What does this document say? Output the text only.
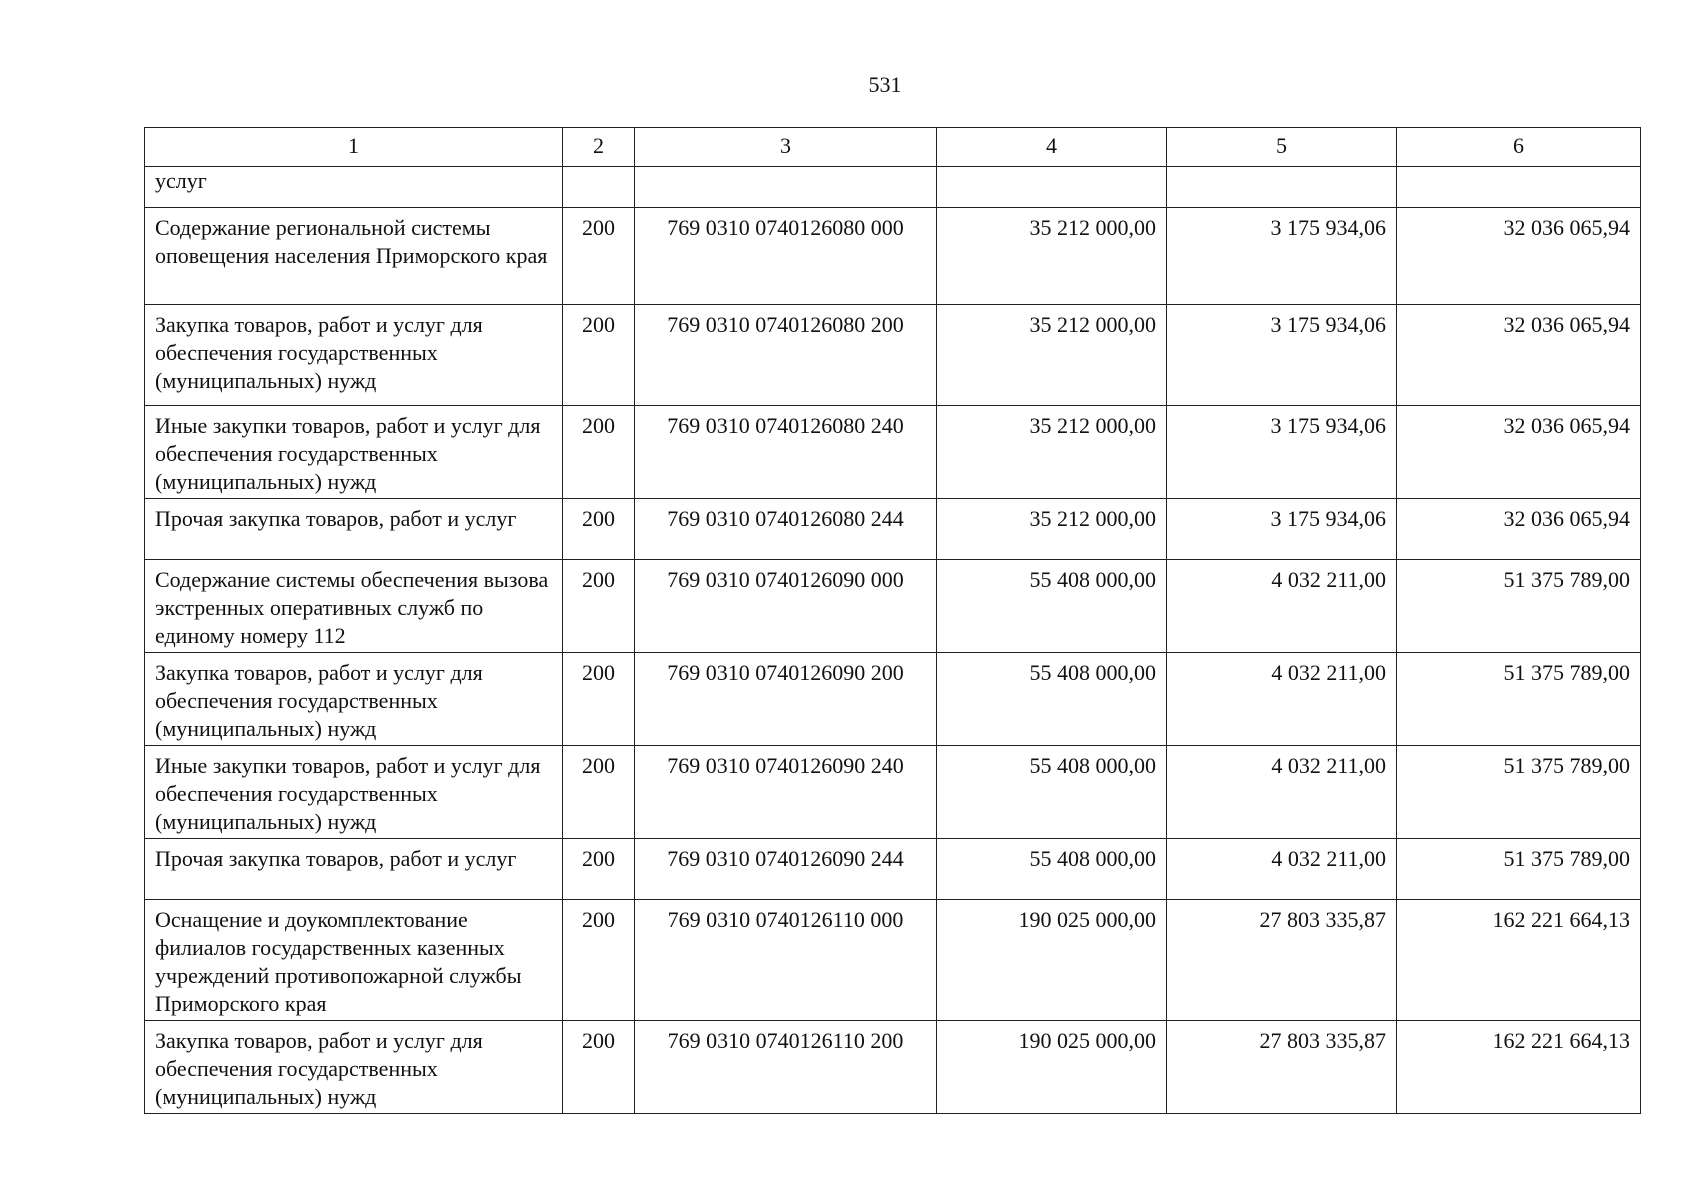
531
1	2	3	4	5	6
услуг					
Содержание региональной системы оповещения населения Приморского края	200	769 0310 0740126080 000	35 212 000,00	3 175 934,06	32 036 065,94
Закупка товаров, работ и услуг для обеспечения государственных (муниципальных) нужд	200	769 0310 0740126080 200	35 212 000,00	3 175 934,06	32 036 065,94
Иные закупки товаров, работ и услуг для обеспечения государственных (муниципальных) нужд	200	769 0310 0740126080 240	35 212 000,00	3 175 934,06	32 036 065,94
Прочая закупка товаров, работ и услуг	200	769 0310 0740126080 244	35 212 000,00	3 175 934,06	32 036 065,94
Содержание системы обеспечения вызова экстренных оперативных служб по единому номеру 112	200	769 0310 0740126090 000	55 408 000,00	4 032 211,00	51 375 789,00
Закупка товаров, работ и услуг для обеспечения государственных (муниципальных) нужд	200	769 0310 0740126090 200	55 408 000,00	4 032 211,00	51 375 789,00
Иные закупки товаров, работ и услуг для обеспечения государственных (муниципальных) нужд	200	769 0310 0740126090 240	55 408 000,00	4 032 211,00	51 375 789,00
Прочая закупка товаров, работ и услуг	200	769 0310 0740126090 244	55 408 000,00	4 032 211,00	51 375 789,00
Оснащение и доукомплектование филиалов государственных казенных учреждений противопожарной службы Приморского края	200	769 0310 0740126110 000	190 025 000,00	27 803 335,87	162 221 664,13
Закупка товаров, работ и услуг для обеспечения государственных (муниципальных) нужд	200	769 0310 0740126110 200	190 025 000,00	27 803 335,87	162 221 664,13
